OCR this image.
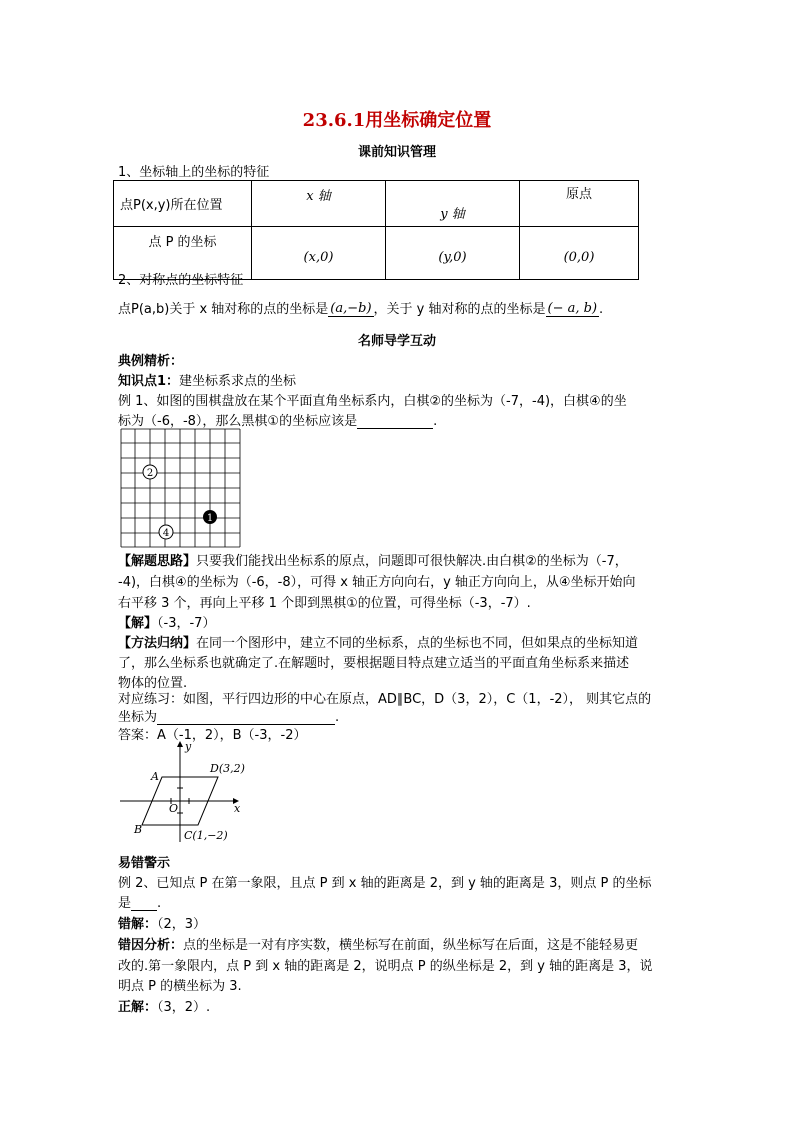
23.6.1用坐标确定位置
课前知识管理
1、坐标轴上的坐标的特征
点P(x,y)所在位置	x 轴	y 轴	原点
点 P 的坐标	(x,0)	(y,0)	(0,0)
2、对称点的坐标特征
点P(a,b)关于 x 轴对称的点的坐标是 (a,−b) ，关于 y 轴对称的点的坐标是 (− a, b) .
名师导学互动
典例精析：
知识点1：建坐标系求点的坐标
例 1、如图的围棋盘放在某个平面直角坐标系内，白棋②的坐标为（-7，-4)，白棋④的坐
标为（-6，-8），那么黑棋①的坐标应该是	.
2
4
1
【解题思路】只要我们能找出坐标系的原点，问题即可很快解决.由白棋②的坐标为（-7，
-4)，白棋④的坐标为（-6，-8），可得 x 轴正方向向右，y 轴正方向向上，从④坐标开始向
右平移 3 个，再向上平移 1 个即到黑棋①的位置，可得坐标（-3，-7）.
【解】（-3，-7）
【方法归纳】在同一个图形中，建立不同的坐标系，点的坐标也不同，但如果点的坐标知道
了，那么坐标系也就确定了.在解题时，要根据题目特点建立适当的平面直角坐标系来描述
物体的位置.
对应练习：如图，平行四边形的中心在原点，AD∥BC，D（3，2），C（1，-2）， 则其它点的
坐标为	.
答案：A（-1，2），B（-3，-2）
y
x
A
B
O
D(3,2)
C(1,−2)
易错警示
例 2、已知点 P 在第一象限，且点 P 到 x 轴的距离是 2，到 y 轴的距离是 3，则点 P 的坐标
是 .
错解：（2，3）
错因分析：点的坐标是一对有序实数，横坐标写在前面，纵坐标写在后面，这是不能轻易更
改的.第一象限内，点 P 到 x 轴的距离是 2，说明点 P 的纵坐标是 2，到 y 轴的距离是 3，说
明点 P 的横坐标为 3.
正解：（3，2）.
